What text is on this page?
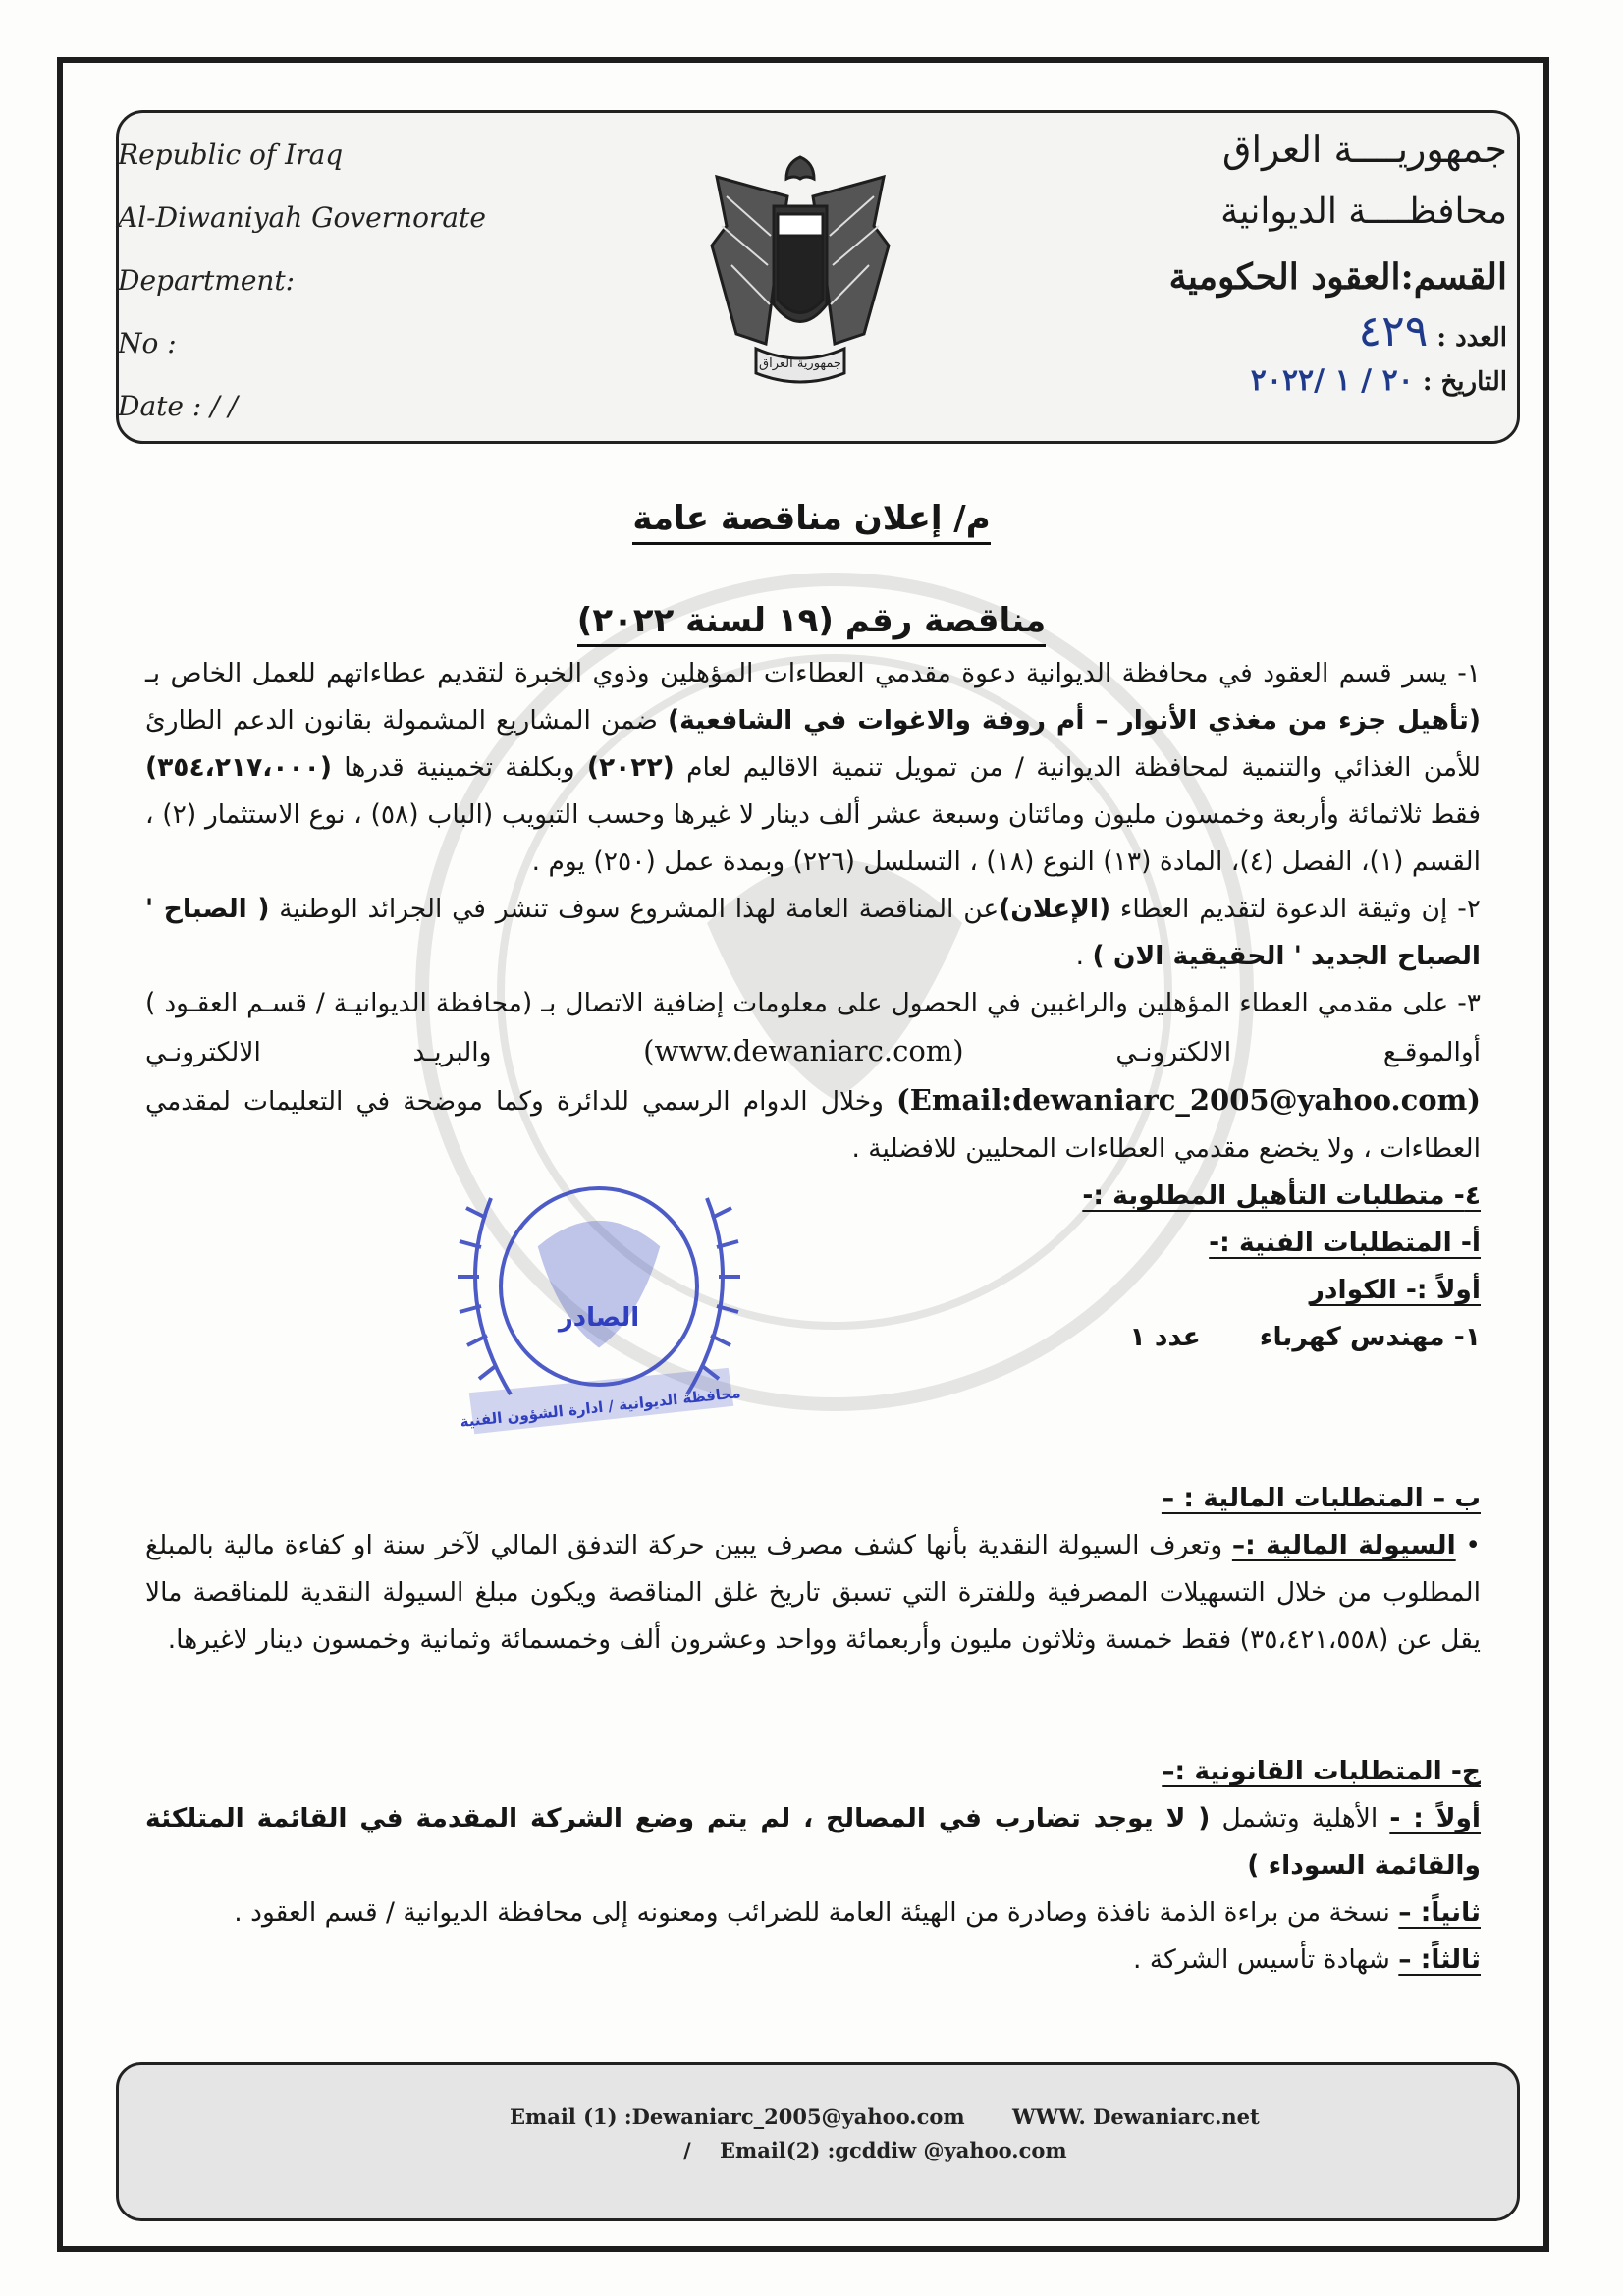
Republic of Iraq
Al-Diwaniyah Governorate
Department:
No :
Date : / /
جمهورية العراق
جمهوريــــة العراق
محافظــــة الديوانية
القسم:العقود الحكومية
العدد : ٤٢٩
التاريخ : ٢٠ / ١ /٢٠٢٢
م/ إعلان مناقصة عامة
مناقصة رقم (١٩ لسنة ٢٠٢٢)

١- يسر قسم العقود في محافظة الديوانية دعوة مقدمي العطاءات المؤهلين وذوي الخبرة لتقديم عطاءاتهم للعمل الخاص بـ (تأهيل جزء من مغذي الأنوار – أم روفة والاغوات في الشافعية) ضمن المشاريع المشمولة بقانون الدعم الطارئ للأمن الغذائي والتنمية لمحافظة الديوانية / من تمويل تنمية الاقاليم لعام (٢٠٢٢) وبكلفة تخمينية قدرها (٣٥٤،٢١٧،٠٠٠) فقط ثلاثمائة وأربعة وخمسون مليون ومائتان وسبعة عشر ألف دينار لا غيرها وحسب التبويب (الباب (٥٨) ، نوع الاستثمار (٢) ، القسم (١)، الفصل (٤)، المادة (١٣) النوع (١٨) ، التسلسل (٢٢٦) وبمدة عمل (٢٥٠) يوم .

٢- إن وثيقة الدعوة لتقديم العطاء (الإعلان)عن المناقصة العامة لهذا المشروع سوف تنشر في الجرائد الوطنية ( الصباح ' الصباح الجديد ' الحقيقية الان ) .

٣- على مقدمي العطاء المؤهلين والراغبين في الحصول على معلومات إضافية الاتصال بـ (محافظة الديوانيـة / قسـم العقـود ) أوالموقـع الالكترونـي (www.dewaniarc.com) والبريـد الالكترونـي (Email:dewaniarc_2005@yahoo.com) وخلال الدوام الرسمي للدائرة وكما موضحة في التعليمات لمقدمي العطاءات ، ولا يخضع مقدمي العطاءات المحليين للافضلية .

٤- متطلبات التأهيل المطلوبة :-

أ- المتطلبات الفنية :-

أولاً :- الكوادر

١- مهندس كهرباء
عدد ١

ب – المتطلبات المالية : –

• السيولة المالية :– وتعرف السيولة النقدية بأنها كشف مصرف يبين حركة التدفق المالي لآخر سنة او كفاءة مالية بالمبلغ المطلوب من خلال التسهيلات المصرفية وللفترة التي تسبق تاريخ غلق المناقصة ويكون مبلغ السيولة النقدية للمناقصة مالا يقل عن (٣٥،٤٢١،٥٥٨) فقط خمسة وثلاثون مليون وأربعمائة وواحد وعشرون ألف وخمسمائة وثمانية وخمسون دينار لاغيرها.

ج- المتطلبات القانونية :–

أولاً : - الأهلية وتشمل ( لا يوجد تضارب في المصالح ، لم يتم وضع الشركة المقدمة في القائمة المتلكئة والقائمة السوداء )

ثانياً: – نسخة من براءة الذمة نافذة وصادرة من الهيئة العامة للضرائب ومعنونه إلى محافظة الديوانية / قسم العقود .

ثالثاً: – شهادة تأسيس الشركة .

الصادر
محافظة الديوانية / ادارة الشؤون الفنية
Email (1) :Dewaniarc_2005@yahoo.com WWW. Dewaniarc.net
/ Email(2) :gcddiw @yahoo.com
